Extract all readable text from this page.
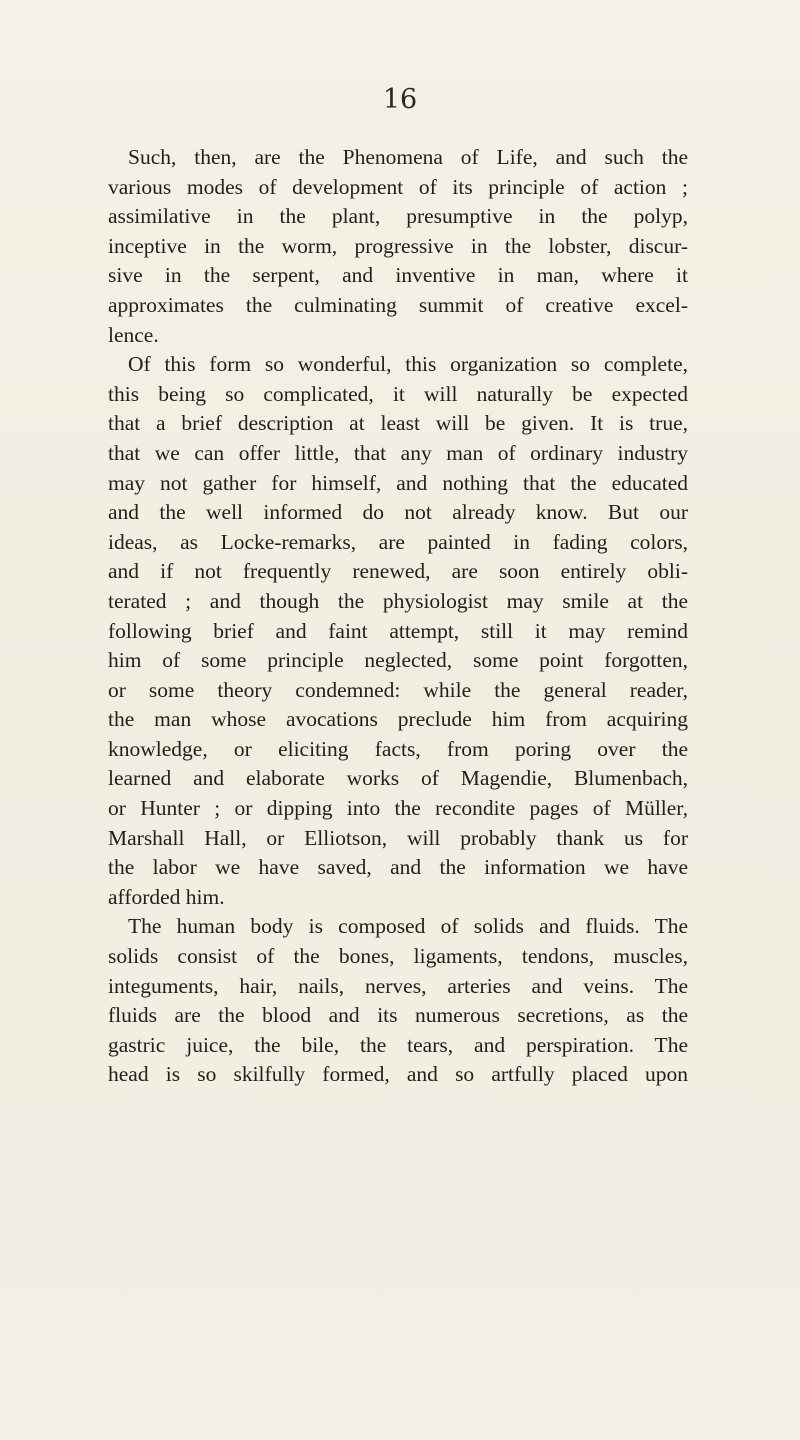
16
Such, then, are the Phenomena of Life, and such the
various modes of development of its principle of action ;
assimilative in the plant, presumptive in the polyp,
inceptive in the worm, progressive in the lobster, discur-
sive in the serpent, and inventive in man, where it
approximates the culminating summit of creative excel-
lence.
Of this form so wonderful, this organization so complete,
this being so complicated, it will naturally be expected
that a brief description at least will be given. It is true,
that we can offer little, that any man of ordinary industry
may not gather for himself, and nothing that the educated
and the well informed do not already know. But our
ideas, as Locke-remarks, are painted in fading colors,
and if not frequently renewed, are soon entirely obli-
terated ; and though the physiologist may smile at the
following brief and faint attempt, still it may remind
him of some principle neglected, some point forgotten,
or some theory condemned: while the general reader,
the man whose avocations preclude him from acquiring
knowledge, or eliciting facts, from poring over the
learned and elaborate works of Magendie, Blumenbach,
or Hunter ; or dipping into the recondite pages of Müller,
Marshall Hall, or Elliotson, will probably thank us for
the labor we have saved, and the information we have
afforded him.
The human body is composed of solids and fluids. The
solids consist of the bones, ligaments, tendons, muscles,
integuments, hair, nails, nerves, arteries and veins. The
fluids are the blood and its numerous secretions, as the
gastric juice, the bile, the tears, and perspiration. The
head is so skilfully formed, and so artfully placed upon
